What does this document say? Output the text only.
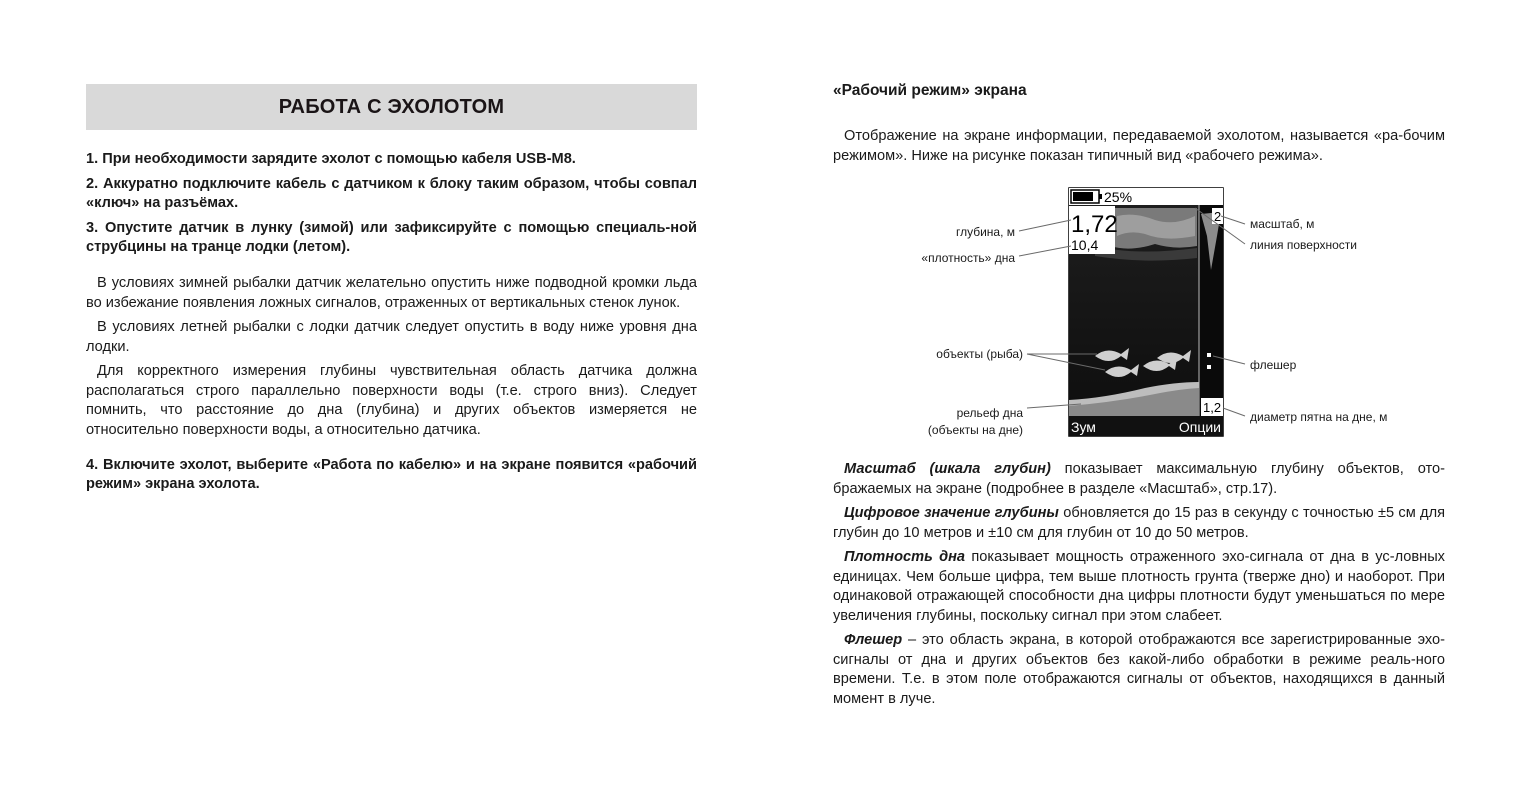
РАБОТА С ЭХОЛОТОМ
1. При необходимости зарядите эхолот с помощью кабеля USB-M8.
2. Аккуратно подключите кабель с датчиком к блоку таким образом, чтобы совпал «ключ» на разъёмах.
3. Опустите датчик в лунку (зимой) или зафиксируйте с помощью специаль-ной струбцины на транце лодки (летом).

В условиях зимней рыбалки датчик желательно опустить ниже подводной кромки льда во избежание появления ложных сигналов, отраженных от вертикальных стенок лунок.

В условиях летней рыбалки с лодки датчик следует опустить в воду ниже уровня дна лодки.

Для корректного измерения глубины чувствительная область датчика должна располагаться строго параллельно поверхности воды (т.е. строго вниз). Следует помнить, что расстояние до дна (глубина) и других объектов измеряется не относительно поверхности воды, а относительно датчика.

4. Включите эхолот, выберите «Работа по кабелю» и на экране появится «рабочий режим» экрана эхолота.
«Рабочий режим» экрана

Отображение на экране информации, передаваемой эхолотом, называется «ра-бочим режимом». Ниже на рисунке показан типичный вид «рабочего режима».

25%
1,72
10,4
2
1,2
Зум	Опции
глубина, м
«плотность» дна
объекты (рыба)
рельеф дна
(объекты на дне)
масштаб, м
линия поверхности
флешер
диаметр пятна на дне, м

Масштаб (шкала глубин) показывает максимальную глубину объектов, ото-бражаемых на экране (подробнее в разделе «Масштаб», стр.17).

Цифровое значение глубины обновляется до 15 раз в секунду с точностью ±5 см для глубин до 10 метров и ±10 см для глубин от 10 до 50 метров.

Плотность дна показывает мощность отраженного эхо-сигнала от дна в ус-ловных единицах. Чем больше цифра, тем выше плотность грунта (тверже дно) и наоборот. При одинаковой отражающей способности дна цифры плотности будут уменьшаться по мере увеличения глубины, поскольку сигнал при этом слабеет.

Флешер – это область экрана, в которой отображаются все зарегистрированные эхо-сигналы от дна и других объектов без какой-либо обработки в режиме реаль-ного времени. Т.е. в этом поле отображаются сигналы от объектов, находящихся в данный момент в луче.
